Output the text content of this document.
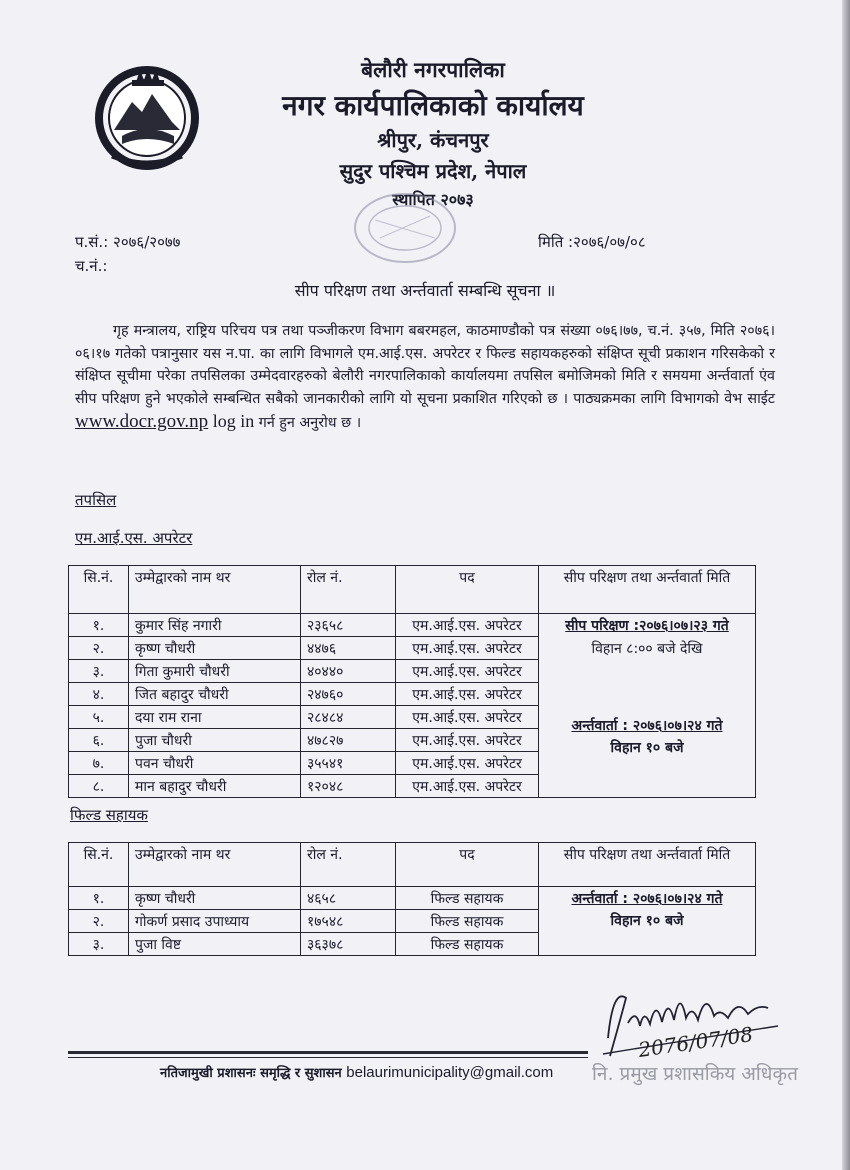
बेलौरी नगरपालिका
नगर कार्यपालिकाको कार्यालय
श्रीपुर, कंचनपुर
सुदुर पश्चिम प्रदेश, नेपाल
स्थापित २०७३
प.सं.: २०७६/२०७७
च.नं.:
मिति :२०७६/०७/०८
सीप परिक्षण तथा अर्न्तवार्ता सम्बन्धि सूचना ॥
गृह मन्त्रालय, राष्ट्रिय परिचय पत्र तथा पञ्जीकरण विभाग बबरमहल, काठमाण्डौको पत्र संख्या ०७६।७७, च.नं. ३५७, मिति २०७६।०६।१७ गतेको पत्रानुसार यस न.पा. का लागि विभागले एम.आई.एस. अपरेटर र फिल्ड सहायकहरुको संक्षिप्त सूची प्रकाशन गरिसकेको र संक्षिप्त सूचीमा परेका तपसिलका उम्मेदवारहरुको बेलौरी नगरपालिकाको कार्यालयमा तपसिल बमोजिमको मिति र समयमा अर्न्तवार्ता एंव सीप परिक्षण हुने भएकोले सम्बन्धित सबैको जानकारीको लागि यो सूचना प्रकाशित गरिएको छ । पाठ्यक्रमका लागि विभागको वेभ साईट www.docr.gov.np log in गर्न हुन अनुरोध छ ।
तपसिल
एम.आई.एस. अपरेटर
सि.नं.	उम्मेद्वारको नाम थर	रोल नं.	पद	सीप परिक्षण तथा अर्न्तवार्ता मिति
१.	कुमार सिंह नगारी	२३६५८	एम.आई.एस. अपरेटर	सीप परिक्षण :२०७६।०७।२३ गते
विहान ८:०० बजे देखि
अर्न्तवार्ता : २०७६।०७।२४ गते
विहान १० बजे

२.	कृष्ण चौधरी	४४७६	एम.आई.एस. अपरेटर	
३.	गिता कुमारी चौधरी	४०४४०	एम.आई.एस. अपरेटर	
४.	जित बहादुर चौधरी	२४७६०	एम.आई.एस. अपरेटर	
५.	दया राम राना	२८४८४	एम.आई.एस. अपरेटर	
६.	पुजा चौधरी	४७८२७	एम.आई.एस. अपरेटर	
७.	पवन चौधरी	३५५४१	एम.आई.एस. अपरेटर	
८.	मान बहादुर चौधरी	१२०४८	एम.आई.एस. अपरेटर	
फिल्ड सहायक
सि.नं.	उम्मेद्वारको नाम थर	रोल नं.	पद	सीप परिक्षण तथा अर्न्तवार्ता मिति
१.	कृष्ण चौधरी	४६५८	फिल्ड सहायक	अर्न्तवार्ता : २०७६।०७।२४ गते
विहान १० बजे

२.	गोकर्ण प्रसाद उपाध्याय	१७५४८	फिल्ड सहायक	
३.	पुजा विष्ट	३६३७८	फिल्ड सहायक	
2076/07/08
नतिजामुखी प्रशासनः समृद्धि र सुशासन belaurimunicipality@gmail.com नि. प्रमुख प्रशासकिय अधिकृत
